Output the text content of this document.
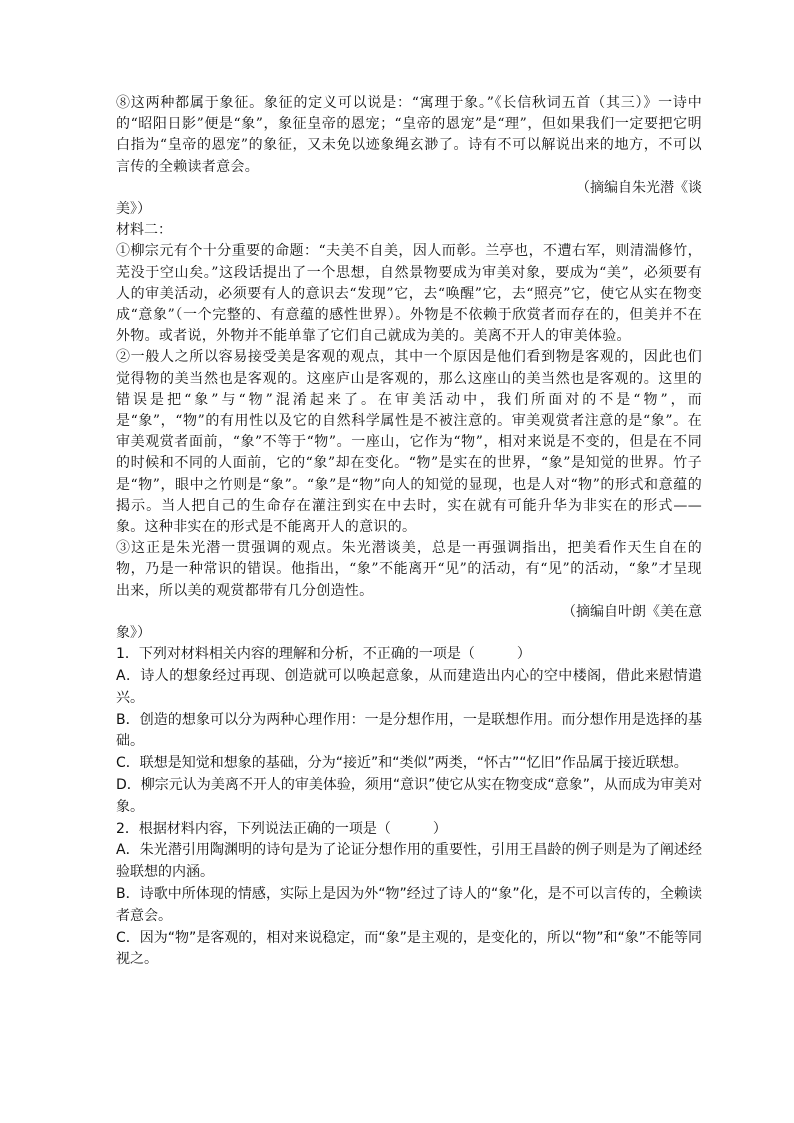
⑧这两种都属于象征。象征的定义可以说是：“寓理于象。”《长信秋词五首（其三）》一诗中的“昭阳日影”便是“象”，象征皇帝的恩宠；“皇帝的恩宠”是“理”，但如果我们一定要把它明白指为“皇帝的恩宠”的象征，又未免以迹象绳玄渺了。诗有不可以解说出来的地方，不可以言传的全赖读者意会。

（摘编自朱光潜《谈
美》）

材料二：

①柳宗元有个十分重要的命题：“夫美不自美，因人而彰。兰亭也，不遭右军，则清湍修竹，芜没于空山矣。”这段话提出了一个思想，自然景物要成为审美对象，要成为“美”，必须要有人的审美活动，必须要有人的意识去“发现”它，去“唤醒”它，去“照亮”它，使它从实在物变成“意象”（一个完整的、有意蕴的感性世界）。外物是不依赖于欣赏者而存在的，但美并不在外物。或者说，外物并不能单靠了它们自己就成为美的。美离不开人的审美体验。

②一般人之所以容易接受美是客观的观点，其中一个原因是他们看到物是客观的，因此也们觉得物的美当然也是客观的。这座庐山是客观的，那么这座山的美当然也是客观的。这里的错误是把“象”与“物”混淆起来了。在审美活动中，我们所面对的不是“物”，而是“象”，“物”的有用性以及它的自然科学属性是不被注意的。审美观赏者注意的是“象”。在审美观赏者面前，“象”不等于“物”。一座山，它作为“物”，相对来说是不变的，但是在不同的时候和不同的人面前，它的“象”却在变化。“物”是实在的世界，“象”是知觉的世界。竹子是“物”，眼中之竹则是“象”。“象”是“物”向人的知觉的显现，也是人对“物”的形式和意蕴的揭示。当人把自己的生命存在灌注到实在中去时，实在就有可能升华为非实在的形式——象。这种非实在的形式是不能离开人的意识的。

③这正是朱光潜一贯强调的观点。朱光潜谈美，总是一再强调指出，把美看作天生自在的物，乃是一种常识的错误。他指出，“象”不能离开“见”的活动，有“见”的活动，“象”才呈现出来，所以美的观赏都带有几分创造性。

（摘编自叶朗《美在意
象》）

1．下列对材料相关内容的理解和分析，不正确的一项是（　　　）

A．诗人的想象经过再现、创造就可以唤起意象，从而建造出内心的空中楼阁，借此来慰情遣兴。

B．创造的想象可以分为两种心理作用：一是分想作用，一是联想作用。而分想作用是选择的基础。

C．联想是知觉和想象的基础，分为“接近”和“类似”两类，“怀古”“忆旧”作品属于接近联想。

D．柳宗元认为美离不开人的审美体验，须用“意识”使它从实在物变成“意象”，从而成为审美对象。

2．根据材料内容，下列说法正确的一项是（　　　）

A．朱光潜引用陶渊明的诗句是为了论证分想作用的重要性，引用王昌龄的例子则是为了阐述经验联想的内涵。

B．诗歌中所体现的情感，实际上是因为外“物”经过了诗人的“象”化，是不可以言传的，全赖读者意会。

C．因为“物”是客观的，相对来说稳定，而“象”是主观的，是变化的，所以“物”和“象”不能等同视之。
